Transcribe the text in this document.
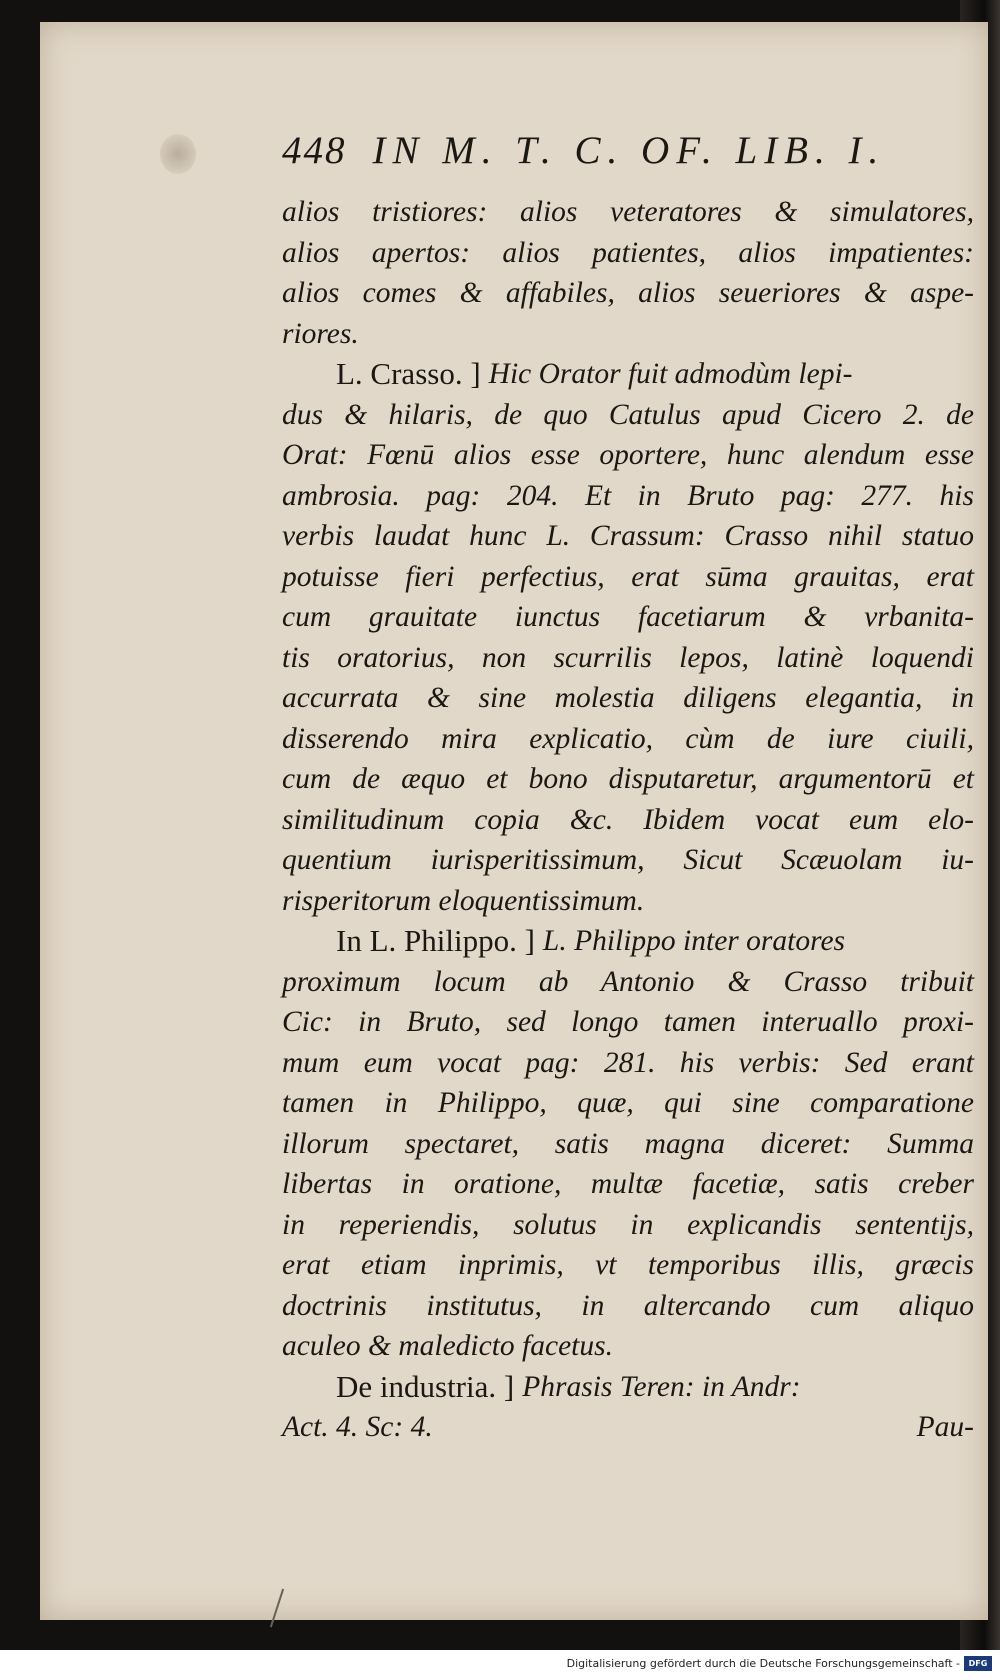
448 IN M. T. C. OF. LIB. I.
alios tristiores: alios veteratores & simulatores,
alios apertos: alios patientes, alios impatientes:
alios comes & affabiles, alios seueriores & aspe-
riores.
L. Crasso. ] Hic Orator fuit admodùm lepi-
dus & hilaris, de quo Catulus apud Cicero 2. de
Orat: Fœnū alios esse oportere, hunc alendum esse
ambrosia. pag: 204. Et in Bruto pag: 277. his
verbis laudat hunc L. Crassum: Crasso nihil statuo
potuisse fieri perfectius, erat sūma grauitas, erat
cum grauitate iunctus facetiarum & vrbanita-
tis oratorius, non scurrilis lepos, latinè loquendi
accurrata & sine molestia diligens elegantia, in
disserendo mira explicatio, cùm de iure ciuili,
cum de æquo et bono disputaretur, argumentorū et
similitudinum copia &c. Ibidem vocat eum elo-
quentium iurisperitissimum, Sicut Scæuolam iu-
risperitorum eloquentissimum.
In L. Philippo. ] L. Philippo inter oratores
proximum locum ab Antonio & Crasso tribuit
Cic: in Bruto, sed longo tamen interuallo proxi-
mum eum vocat pag: 281. his verbis: Sed erant
tamen in Philippo, quæ, qui sine comparatione
illorum spectaret, satis magna diceret: Summa
libertas in oratione, multæ facetiæ, satis creber
in reperiendis, solutus in explicandis sententijs,
erat etiam inprimis, vt temporibus illis, græcis
doctrinis institutus, in altercando cum aliquo
aculeo & maledicto facetus.
De industria. ] Phrasis Teren: in Andr:
Act. 4. Sc: 4.	Pau-
Digitalisierung gefördert durch die Deutsche Forschungsgemeinschaft -	DFG
